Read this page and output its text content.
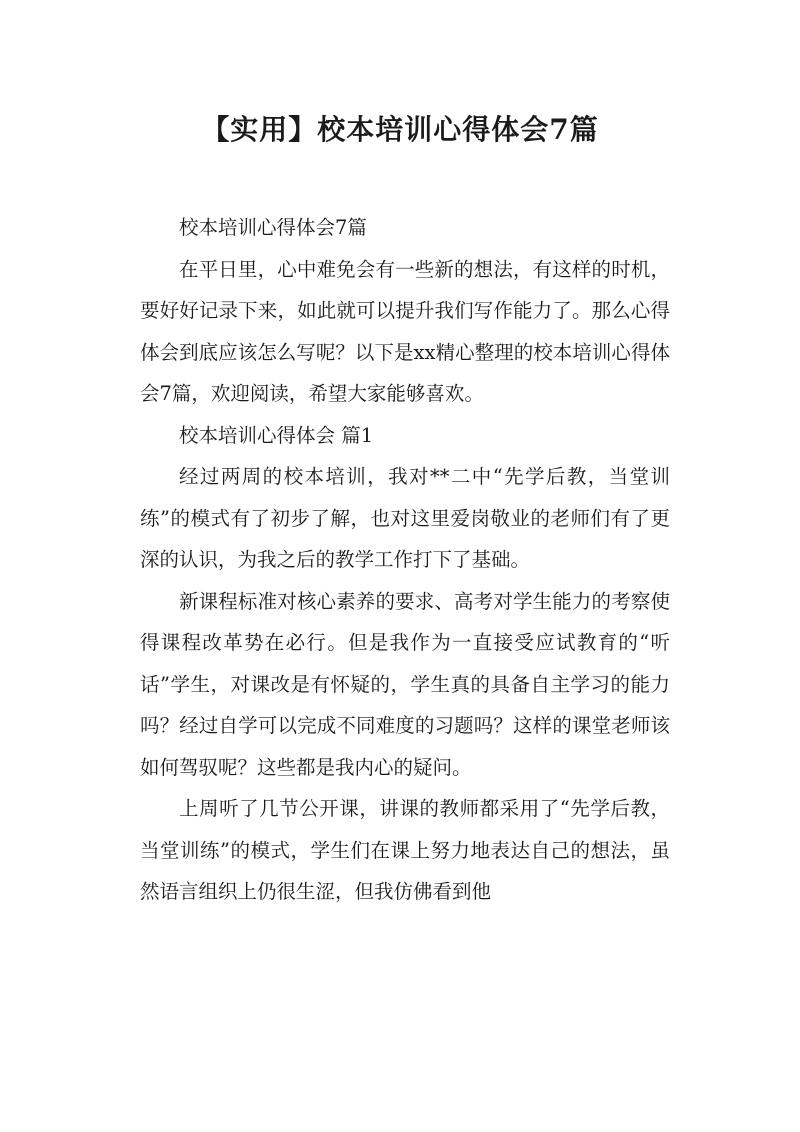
【实用】校本培训心得体会7篇

校本培训心得体会7篇

在平日里，心中难免会有一些新的想法，有这样的时机，要好好记录下来，如此就可以提升我们写作能力了。那么心得体会到底应该怎么写呢？以下是xx精心整理的校本培训心得体会7篇，欢迎阅读，希望大家能够喜欢。

校本培训心得体会 篇1

经过两周的校本培训，我对**二中“先学后教，当堂训练”的模式有了初步了解，也对这里爱岗敬业的老师们有了更深的认识，为我之后的教学工作打下了基础。

新课程标准对核心素养的要求、高考对学生能力的考察使得课程改革势在必行。但是我作为一直接受应试教育的“听话”学生，对课改是有怀疑的，学生真的具备自主学习的能力吗？经过自学可以完成不同难度的习题吗？这样的课堂老师该如何驾驭呢？这些都是我内心的疑问。

上周听了几节公开课，讲课的教师都采用了“先学后教，当堂训练”的模式，学生们在课上努力地表达自己的想法，虽然语言组织上仍很生涩，但我仿佛看到他
